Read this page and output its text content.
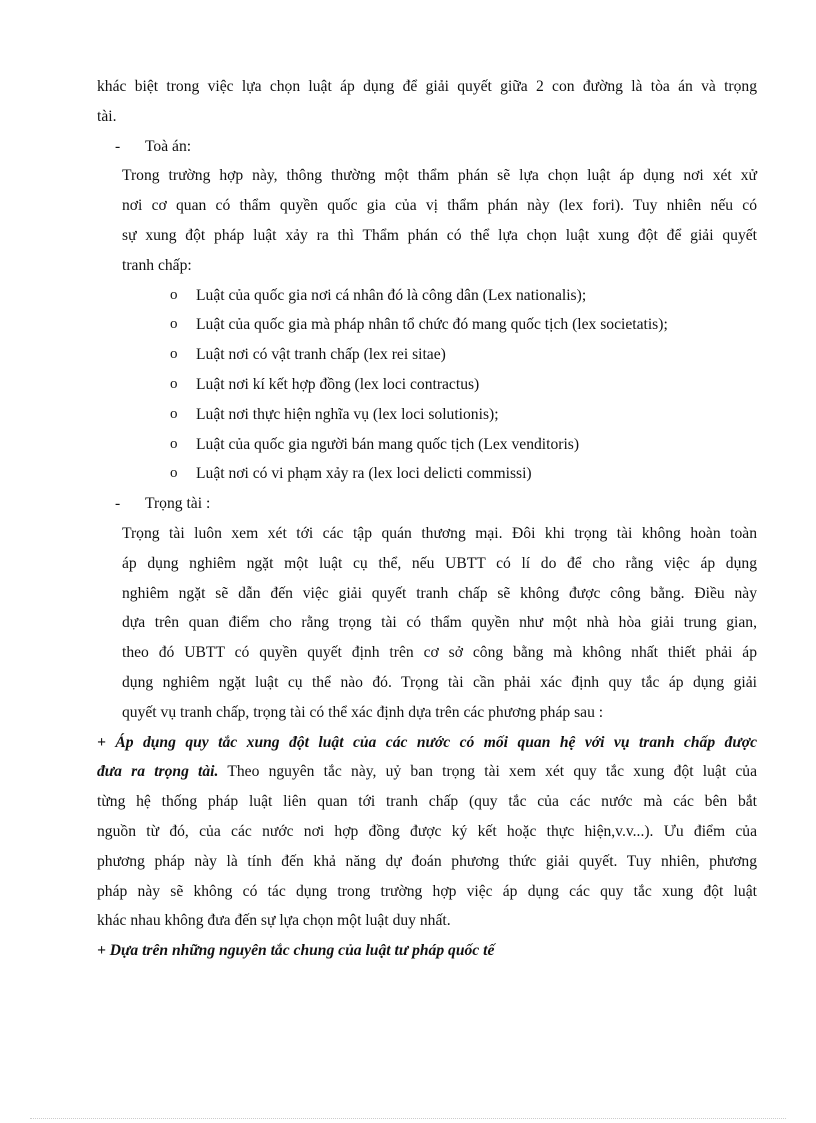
khác biệt trong việc lựa chọn luật áp dụng để giải quyết giữa 2 con đường là tòa án và trọng

tài.

-	Toà án:

Trong trường hợp này, thông thường một thẩm phán sẽ lựa chọn luật áp dụng nơi xét xử

nơi cơ quan có thẩm quyền quốc gia của vị thẩm phán này (lex fori). Tuy nhiên nếu có

sự xung đột pháp luật xảy ra thì Thẩm phán có thể lựa chọn luật xung đột để giải quyết

tranh chấp:

o	Luật của quốc gia nơi cá nhân đó là công dân (Lex nationalis);
o	Luật của quốc gia mà pháp nhân tổ chức đó mang quốc tịch (lex societatis);
o	Luật nơi có vật tranh chấp (lex rei sitae)
o	Luật nơi kí kết hợp đồng (lex loci contractus)
o	Luật nơi thực hiện nghĩa vụ (lex loci solutionis);
o	Luật của quốc gia người bán mang quốc tịch (Lex venditoris)
o	Luật nơi có vi phạm xảy ra (lex loci delicti commissi)
-	Trọng tài :

Trọng tài luôn xem xét tới các tập quán thương mại. Đôi khi trọng tài không hoàn toàn

áp dụng nghiêm ngặt một luật cụ thể, nếu UBTT có lí do để cho rằng việc áp dụng

nghiêm ngặt sẽ dẫn đến việc giải quyết tranh chấp sẽ không được công bằng. Điều này

dựa trên quan điểm cho rằng trọng tài có thẩm quyền như một nhà hòa giải trung gian,

theo đó UBTT có quyền quyết định trên cơ sở công bằng mà không nhất thiết phải áp

dụng nghiêm ngặt luật cụ thể nào đó. Trọng tài cần phải xác định quy tắc áp dụng giải

quyết vụ tranh chấp, trọng tài có thể xác định dựa trên các phương pháp sau :

+ Áp dụng quy tắc xung đột luật của các nước có mối quan hệ với vụ tranh chấp được

đưa ra trọng tài. Theo nguyên tắc này, uỷ ban trọng tài xem xét quy tắc xung đột luật của

từng hệ thống pháp luật liên quan tới tranh chấp (quy tắc của các nước mà các bên bắt

nguồn từ đó, của các nước nơi hợp đồng được ký kết hoặc thực hiện,v.v...). Ưu điểm của

phương pháp này là tính đến khả năng dự đoán phương thức giải quyết. Tuy nhiên, phương

pháp này sẽ không có tác dụng trong trường hợp việc áp dụng các quy tắc xung đột luật

khác nhau không đưa đến sự lựa chọn một luật duy nhất.

+ Dựa trên những nguyên tắc chung của luật tư pháp quốc tế
